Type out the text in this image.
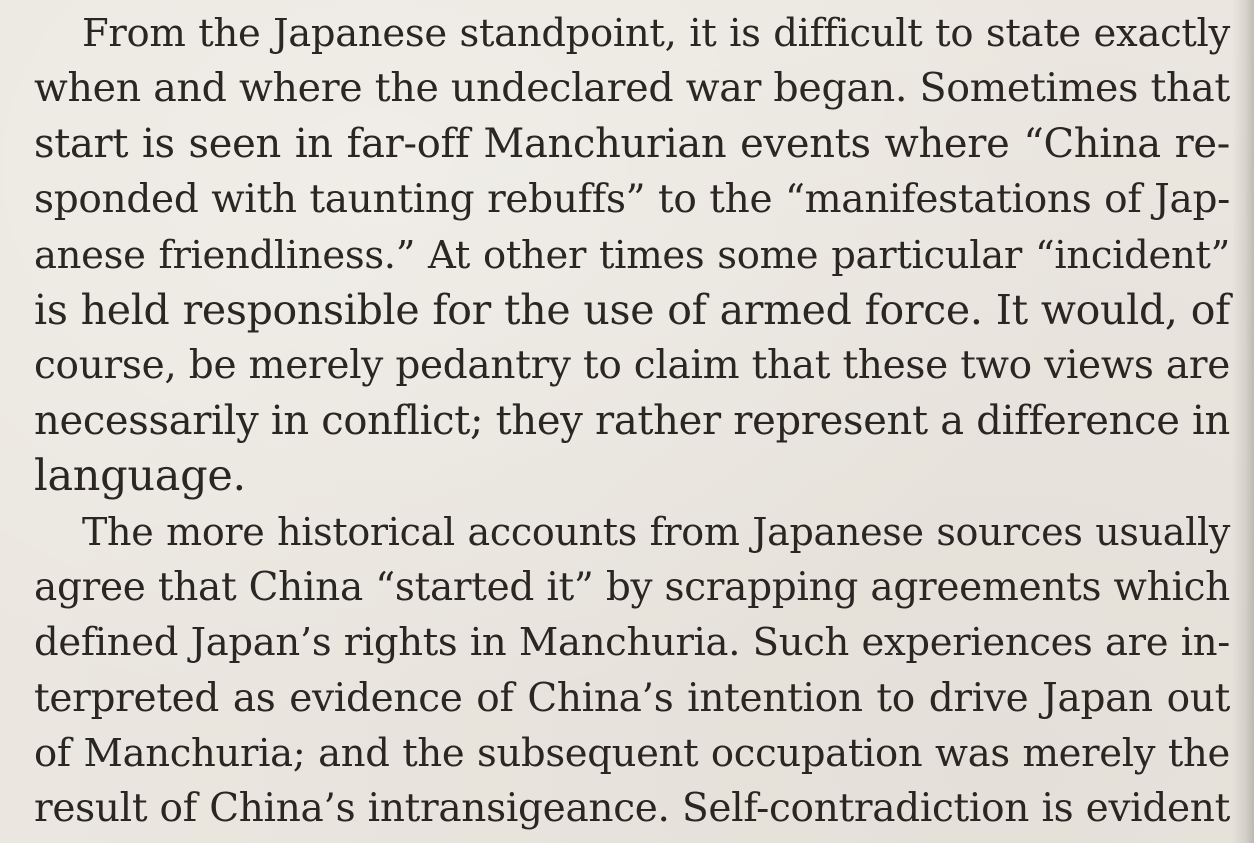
From the Japanese standpoint, it is difficult to state exactly
when and where the undeclared war began. Sometimes that
start is seen in far-off Manchurian events where “China re-
sponded with taunting rebuffs” to the “manifestations of Jap-
anese friendliness.” At other times some particular “incident”
is held responsible for the use of armed force. It would, of
course, be merely pedantry to claim that these two views are
necessarily in conflict; they rather represent a difference in
language.
The more historical accounts from Japanese sources usually
agree that China “started it” by scrapping agreements which
defined Japan’s rights in Manchuria. Such experiences are in-
terpreted as evidence of China’s intention to drive Japan out
of Manchuria; and the subsequent occupation was merely the
result of China’s intransigeance. Self-contradiction is evident
